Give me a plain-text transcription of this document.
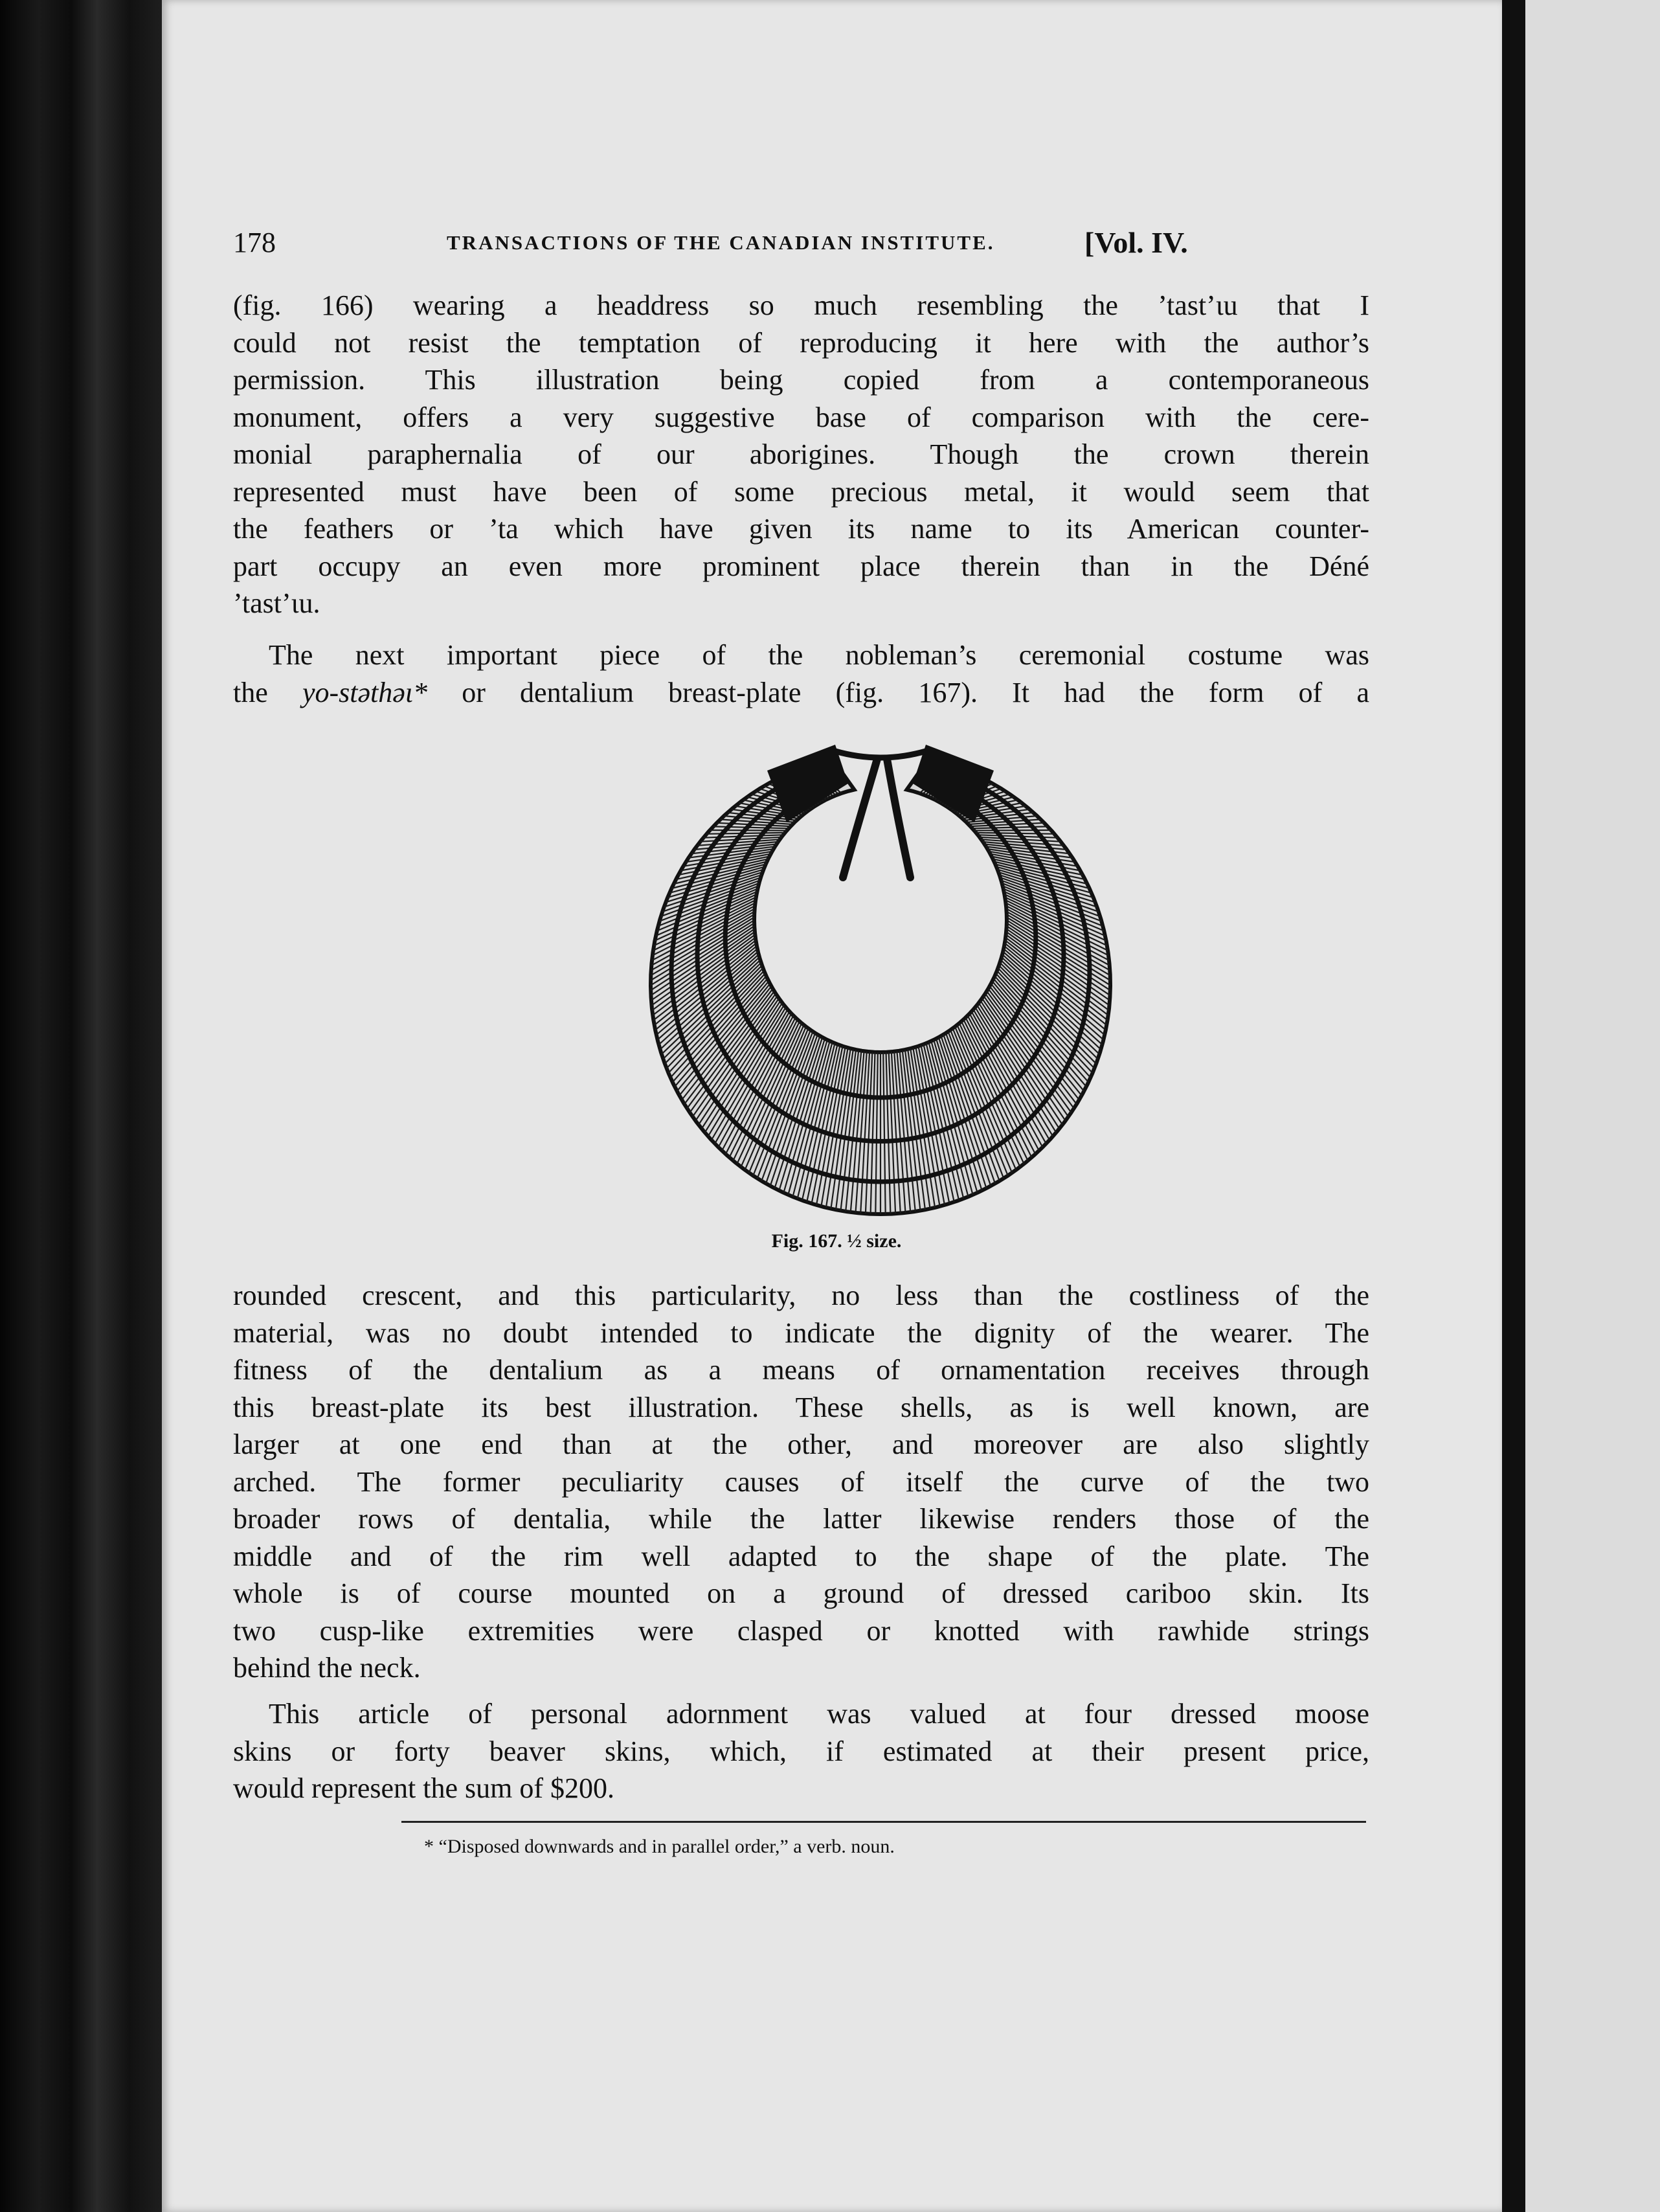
178	TRANSACTIONS OF THE CANADIAN INSTITUTE.	[Vol. IV.
(fig. 166) wearing a headdress so much resembling the ’tast’ɩu that I
could not resist the temptation of reproducing it here with the author’s
permission. This illustration being copied from a contemporaneous
monument, offers a very suggestive base of comparison with the cere-
monial paraphernalia of our aborigines. Though the crown therein
represented must have been of some precious metal, it would seem that
the feathers or ’ta which have given its name to its American counter-
part occupy an even more prominent place therein than in the Déné
’tast’ɩu.
The next important piece of the nobleman’s ceremonial costume was
the yo-stəthəɩ* or dentalium breast-plate (fig. 167). It had the form of a
Fig. 167. ½ size.
rounded crescent, and this particularity, no less than the costliness of the
material, was no doubt intended to indicate the dignity of the wearer. The
fitness of the dentalium as a means of ornamentation receives through
this breast-plate its best illustration. These shells, as is well known, are
larger at one end than at the other, and moreover are also slightly
arched. The former peculiarity causes of itself the curve of the two
broader rows of dentalia, while the latter likewise renders those of the
middle and of the rim well adapted to the shape of the plate. The
whole is of course mounted on a ground of dressed cariboo skin. Its
two cusp-like extremities were clasped or knotted with rawhide strings
behind the neck.
This article of personal adornment was valued at four dressed moose
skins or forty beaver skins, which, if estimated at their present price,
would represent the sum of $200.
* “Disposed downwards and in parallel order,” a verb. noun.
